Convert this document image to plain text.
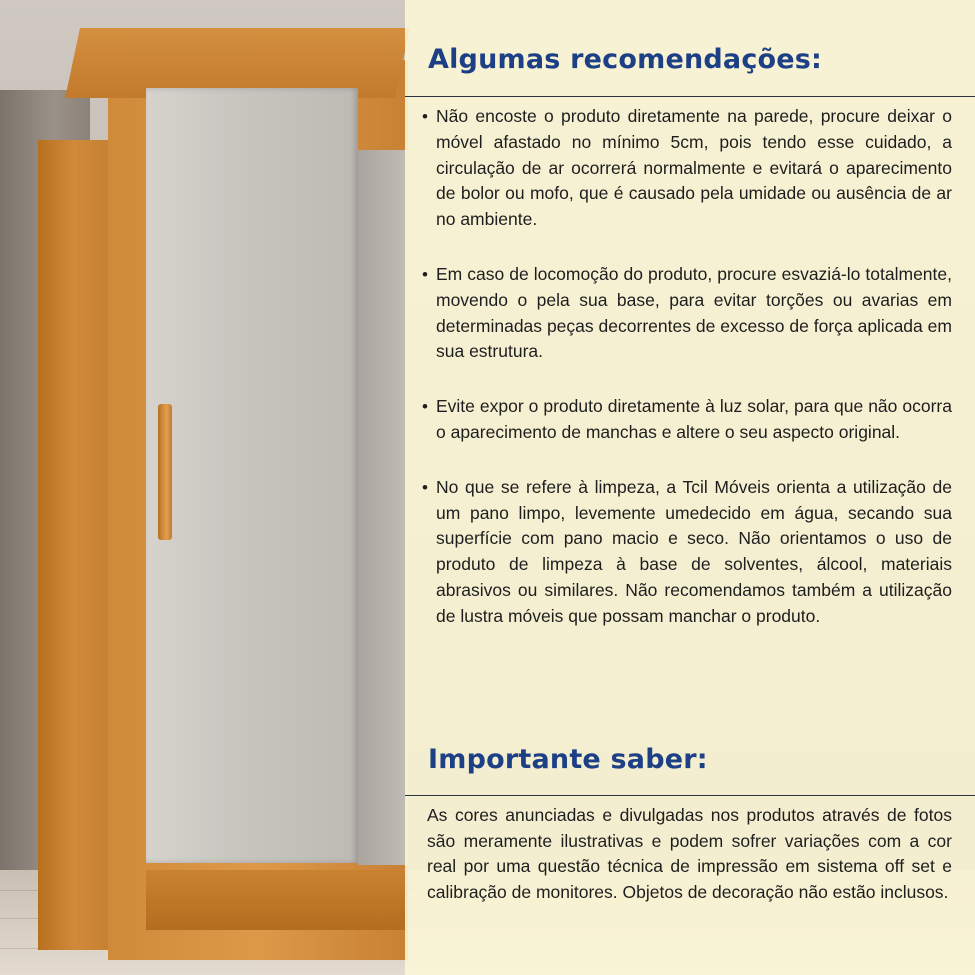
Algumas recomendações:
• Não encoste o produto diretamente na parede, procure deixar o móvel afastado no mínimo 5cm, pois tendo esse cuidado, a circulação de ar ocorrerá normalmente e evitará o aparecimento de bolor ou mofo, que é causado pela umidade ou ausência de ar no ambiente.
• Em caso de locomoção do produto, procure esvaziá-lo totalmente, movendo o pela sua base, para evitar torções ou avarias em determinadas peças decorrentes de excesso de força aplicada em sua estrutura.
• Evite expor o produto diretamente à luz solar, para que não ocorra o aparecimento de manchas e altere o seu aspecto original.
• No que se refere à limpeza, a Tcil Móveis orienta a utilização de um pano limpo, levemente umedecido em água, secando sua superfície com pano macio e seco. Não orientamos o uso de produto de limpeza à base de solventes, álcool, materiais abrasivos ou similares. Não recomendamos também a utilização de lustra móveis que possam manchar o produto.
Importante saber:

As cores anunciadas e divulgadas nos produtos através de fotos são meramente ilustrativas e podem sofrer variações com a cor real por uma questão técnica de impressão em sistema off set e calibração de monitores. Objetos de decoração não estão inclusos.
